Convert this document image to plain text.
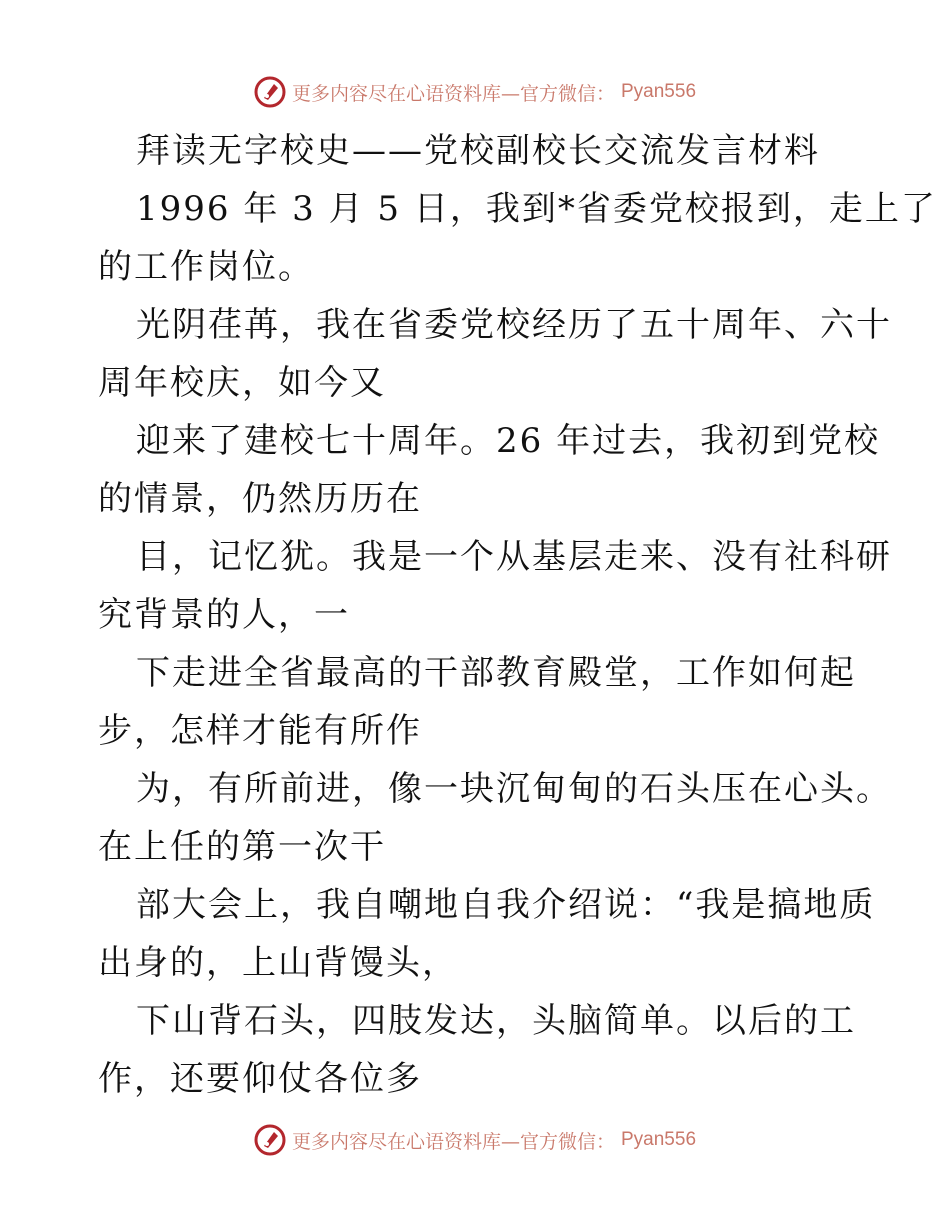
更多内容尽在心语资料库—官方微信： Pyan556
拜读无字校史——党校副校长交流发言材料
1996 年 3 月 5 日，我到*省委党校报到，走上了
的工作岗位。
光阴荏苒，我在省委党校经历了五十周年、六十
周年校庆，如今又
迎来了建校七十周年。26 年过去，我初到党校
的情景，仍然历历在
目，记忆犹。我是一个从基层走来、没有社科研
究背景的人，一
下走进全省最高的干部教育殿堂，工作如何起
步，怎样才能有所作
为，有所前进，像一块沉甸甸的石头压在心头。
在上任的第一次干
部大会上，我自嘲地自我介绍说：“我是搞地质
出身的，上山背馒头，
下山背石头，四肢发达，头脑简单。以后的工
作，还要仰仗各位多
更多内容尽在心语资料库—官方微信： Pyan556
